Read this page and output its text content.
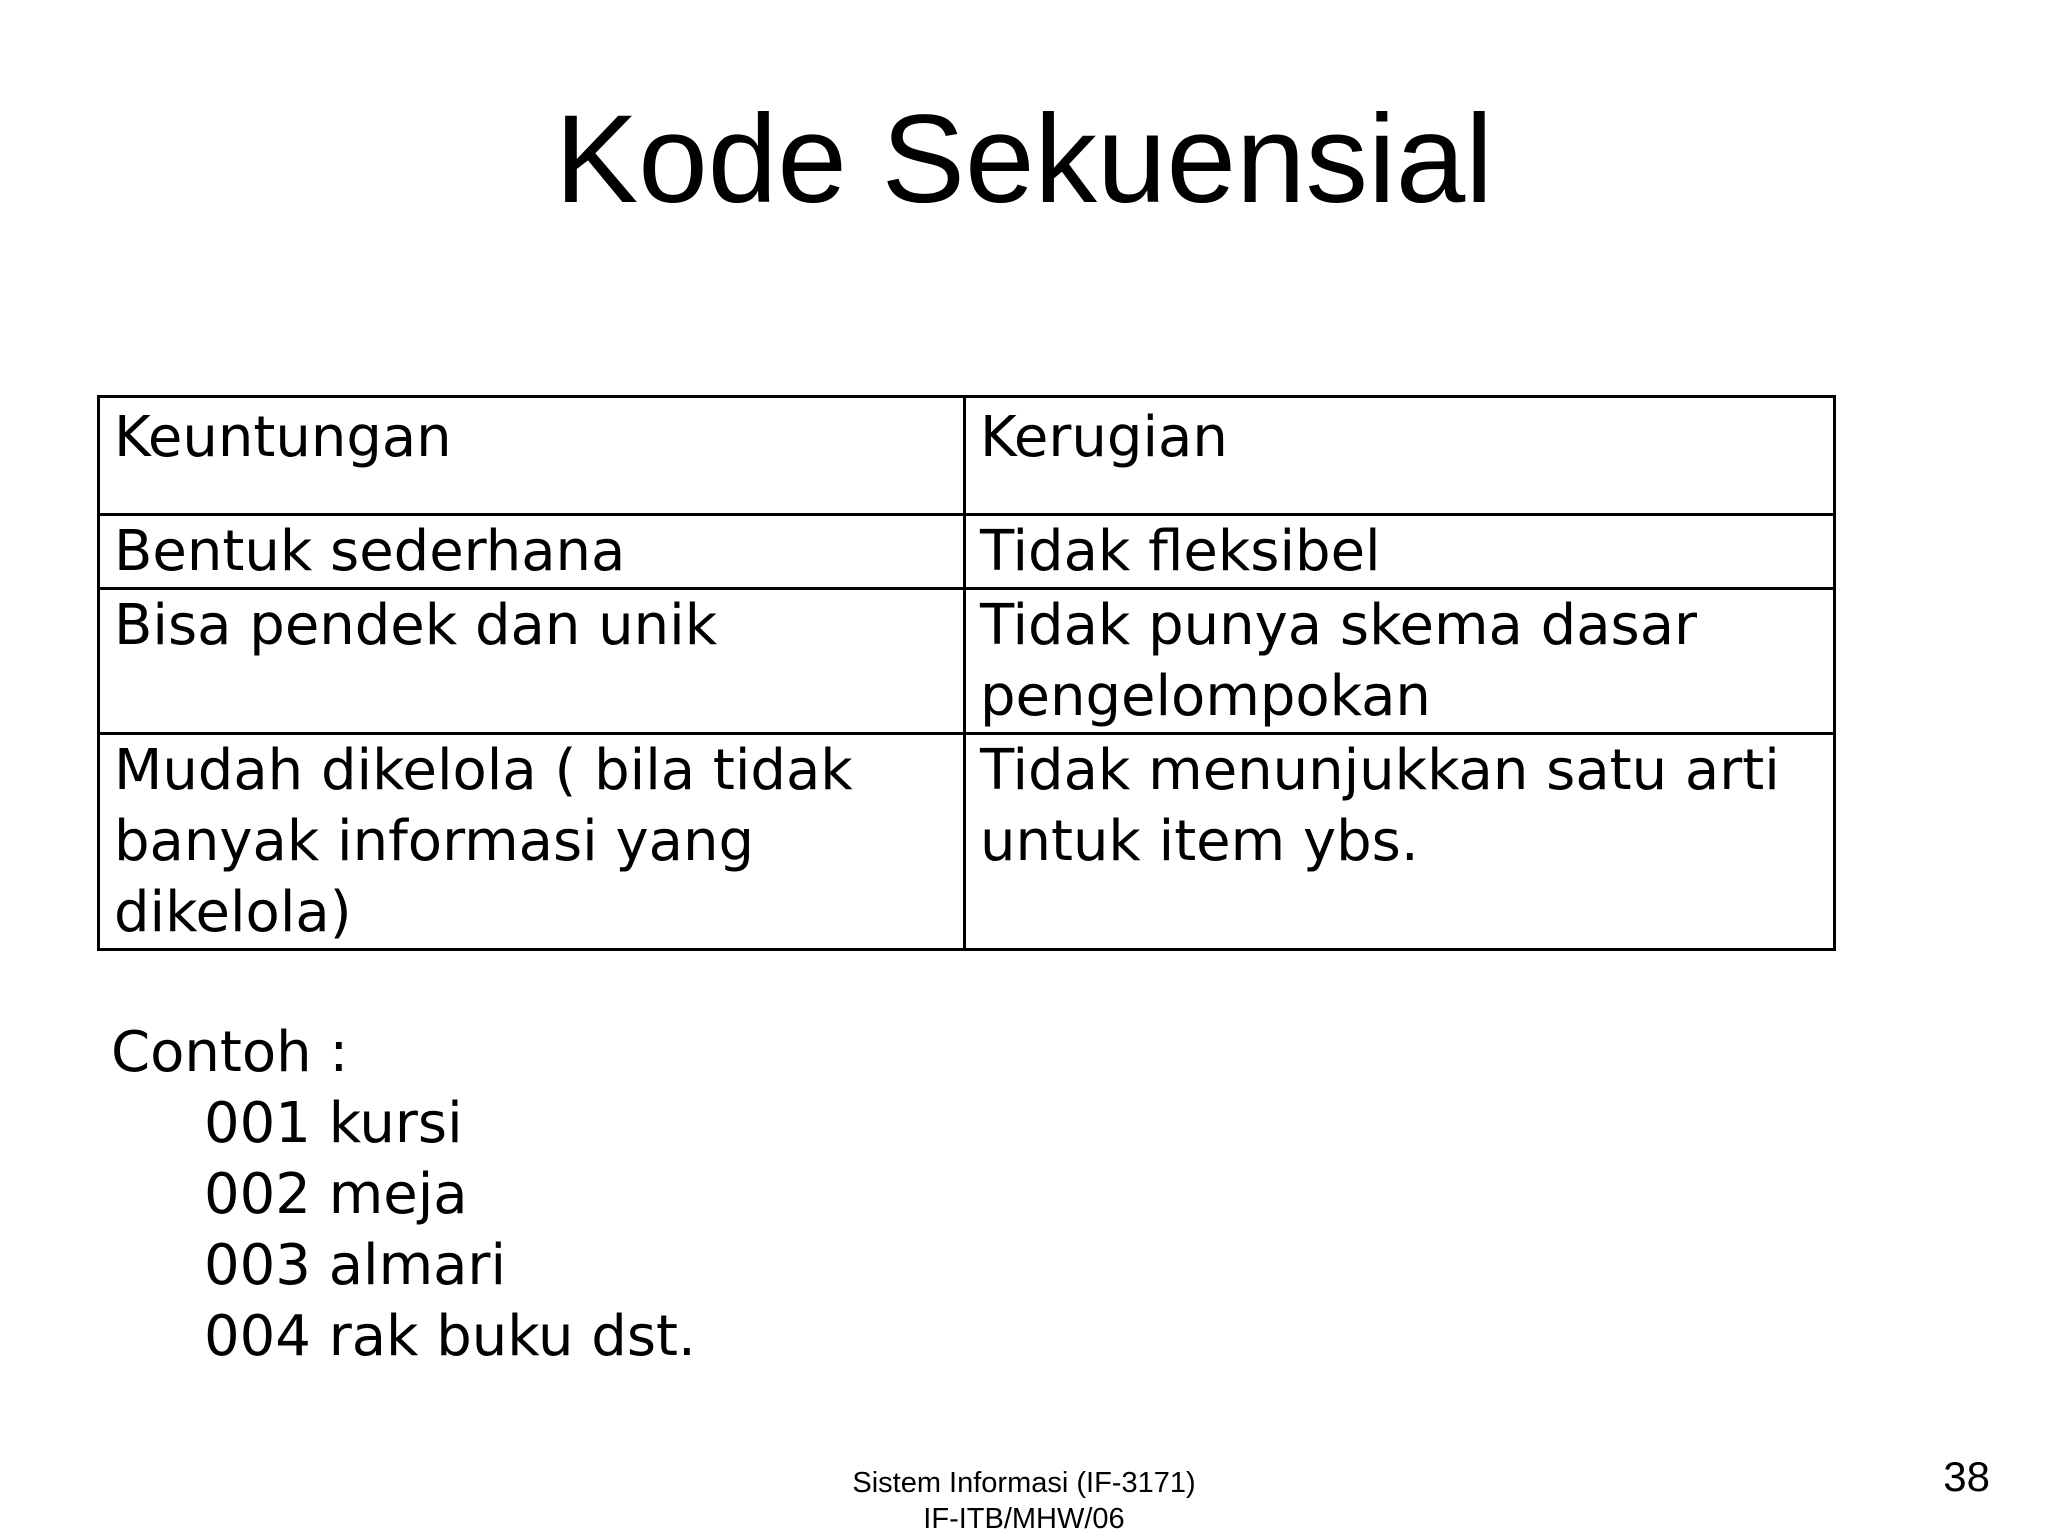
Kode Sekuensial
Keuntungan	Kerugian
Bentuk sederhana	Tidak fleksibel
Bisa pendek dan unik	Tidak punya skema dasar pengelompokan
Mudah dikelola ( bila tidak banyak informasi yang dikelola)	Tidak menunjukkan satu arti untuk item ybs.
Contoh :
001 kursi
002 meja
003 almari
004 rak buku dst.
Sistem Informasi (IF-3171)
IF-ITB/MHW/06
38
